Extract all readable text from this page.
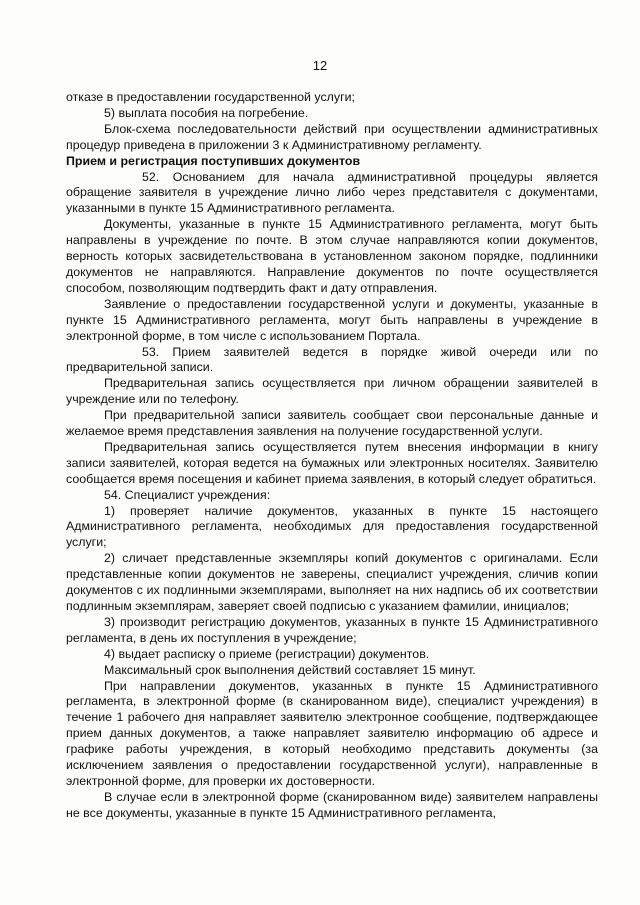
12

отказе в предоставлении государственной услуги;

5) выплата пособия на погребение.

Блок-схема последовательности действий при осуществлении административных процедур приведена в приложении 3 к Административному регламенту.

Прием и регистрация поступивших документов

52. Основанием для начала административной процедуры является обращение заявителя в учреждение лично либо через представителя с документами, указанными в пункте 15 Административного регламента.

Документы, указанные в пункте 15 Административного регламента, могут быть направлены в учреждение по почте. В этом случае направляются копии документов, верность которых засвидетельствована в установленном законом порядке, подлинники документов не направляются. Направление документов по почте осуществляется способом, позволяющим подтвердить факт и дату отправления.

Заявление о предоставлении государственной услуги и документы, указанные в пункте 15 Административного регламента, могут быть направлены в учреждение в электронной форме, в том числе с использованием Портала.

53. Прием заявителей ведется в порядке живой очереди или по предварительной записи.

Предварительная запись осуществляется при личном обращении заявителей в учреждение или по телефону.

При предварительной записи заявитель сообщает свои персональные данные и желаемое время представления заявления на получение государственной услуги.

Предварительная запись осуществляется путем внесения информации в книгу записи заявителей, которая ведется на бумажных или электронных носителях. Заявителю сообщается время посещения и кабинет приема заявления, в который следует обратиться.

54. Специалист учреждения:

1) проверяет наличие документов, указанных в пункте 15 настоящего Административного регламента, необходимых для предоставления государственной услуги;

2) сличает представленные экземпляры копий документов с оригиналами. Если представленные копии документов не заверены, специалист учреждения, сличив копии документов с их подлинными экземплярами, выполняет на них надпись об их соответствии подлинным экземплярам, заверяет своей подписью с указанием фамилии, инициалов;

3) производит регистрацию документов, указанных в пункте 15 Административного регламента, в день их поступления в учреждение;

4) выдает расписку о приеме (регистрации) документов.

Максимальный срок выполнения действий составляет 15 минут.

При направлении документов, указанных в пункте 15 Административного регламента, в электронной форме (в сканированном виде), специалист учреждения) в течение 1 рабочего дня направляет заявителю электронное сообщение, подтверждающее прием данных документов, а также направляет заявителю информацию об адресе и графике работы учреждения, в который необходимо представить документы (за исключением заявления о предоставлении государственной услуги), направленные в электронной форме, для проверки их достоверности.

В случае если в электронной форме (сканированном виде) заявителем направлены не все документы, указанные в пункте 15 Административного регламента,
